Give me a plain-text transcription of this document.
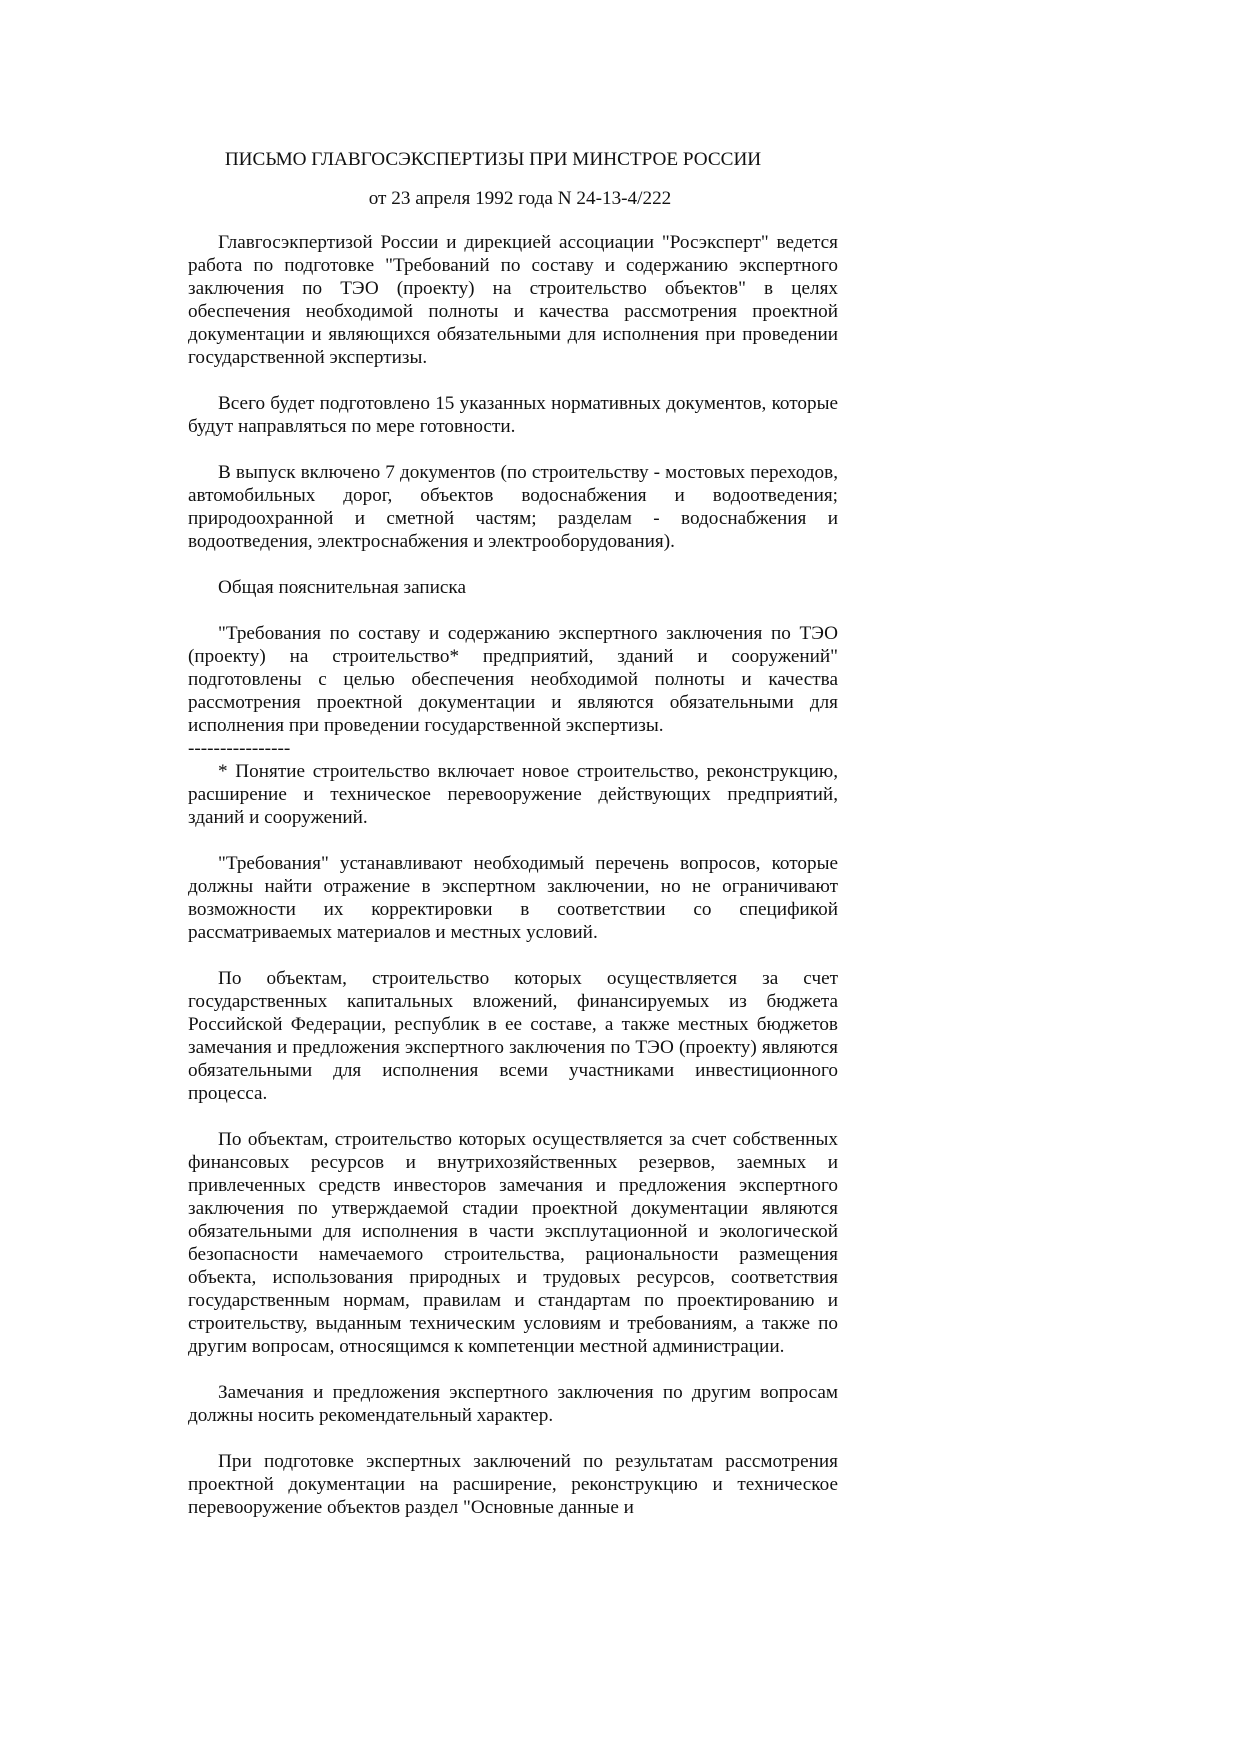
ПИСЬМО ГЛАВГОСЭКСПЕРТИЗЫ ПРИ МИНСТРОЕ РОССИИ
от 23 апреля 1992 года N 24-13-4/222

Главгосэкпертизой России и дирекцией ассоциации "Росэксперт" ведется работа по подготовке "Требований по составу и содержанию экспертного заключения по ТЭО (проекту) на строительство объектов" в целях обеспечения необходимой полноты и качества рассмотрения проектной документации и являющихся обязательными для исполнения при проведении государственной экспертизы.

Всего будет подготовлено 15 указанных нормативных документов, которые будут направляться по мере готовности.

В выпуск включено 7 документов (по строительству - мостовых переходов, автомобильных дорог, объектов водоснабжения и водоотведения; природоохранной и сметной частям; разделам - водоснабжения и водоотведения, электроснабжения и электрооборудования).

Общая пояснительная записка

"Требования по составу и содержанию экспертного заключения по ТЭО (проекту) на строительство* предприятий, зданий и сооружений" подготовлены с целью обеспечения необходимой полноты и качества рассмотрения проектной документации и являются обязательными для исполнения при проведении государственной экспертизы.

----------------

* Понятие строительство включает новое строительство, реконструкцию, расширение и техническое перевооружение действующих предприятий, зданий и сооружений.

"Требования" устанавливают необходимый перечень вопросов, которые должны найти отражение в экспертном заключении, но не ограничивают возможности их корректировки в соответствии со спецификой рассматриваемых материалов и местных условий.

По объектам, строительство которых осуществляется за счет государственных капитальных вложений, финансируемых из бюджета Российской Федерации, республик в ее составе, а также местных бюджетов замечания и предложения экспертного заключения по ТЭО (проекту) являются обязательными для исполнения всеми участниками инвестиционного процесса.

По объектам, строительство которых осуществляется за счет собственных финансовых ресурсов и внутрихозяйственных резервов, заемных и привлеченных средств инвесторов замечания и предложения экспертного заключения по утверждаемой стадии проектной документации являются обязательными для исполнения в части эксплутационной и экологической безопасности намечаемого строительства, рациональности размещения объекта, использования природных и трудовых ресурсов, соответствия государственным нормам, правилам и стандартам по проектированию и строительству, выданным техническим условиям и требованиям, а также по другим вопросам, относящимся к компетенции местной администрации.

Замечания и предложения экспертного заключения по другим вопросам должны носить рекомендательный характер.

При подготовке экспертных заключений по результатам рассмотрения проектной документации на расширение, реконструкцию и техническое перевооружение объектов раздел "Основные данные и
